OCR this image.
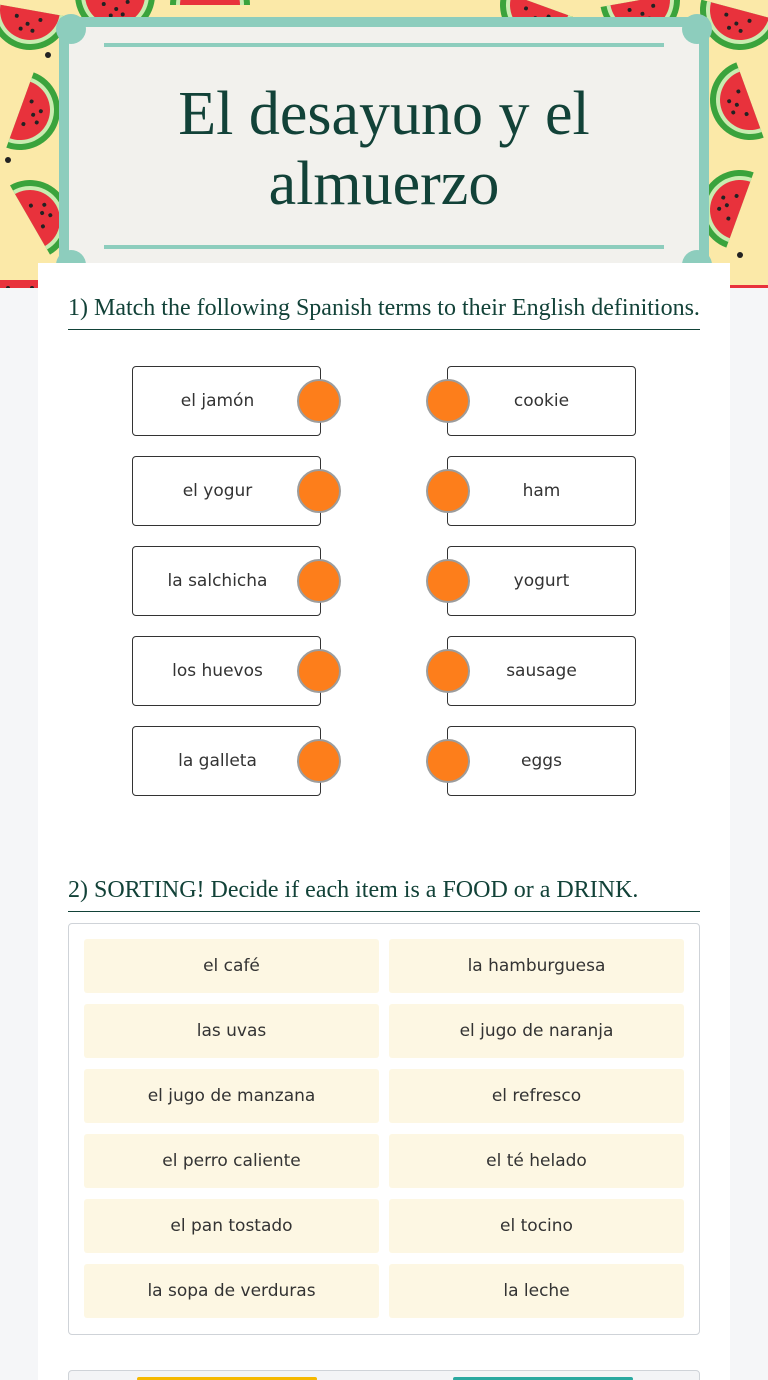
El desayuno y el
almuerzo
1) Match the following Spanish terms to their English definitions.
el jamón	cookie
el yogur	ham
la salchicha	yogurt
los huevos	sausage
la galleta	eggs
2) SORTING! Decide if each item is a FOOD or a DRINK.
el café	la hamburguesa
las uvas	el jugo de naranja
el jugo de manzana	el refresco
el perro caliente	el té helado
el pan tostado	el tocino
la sopa de verduras	la leche
